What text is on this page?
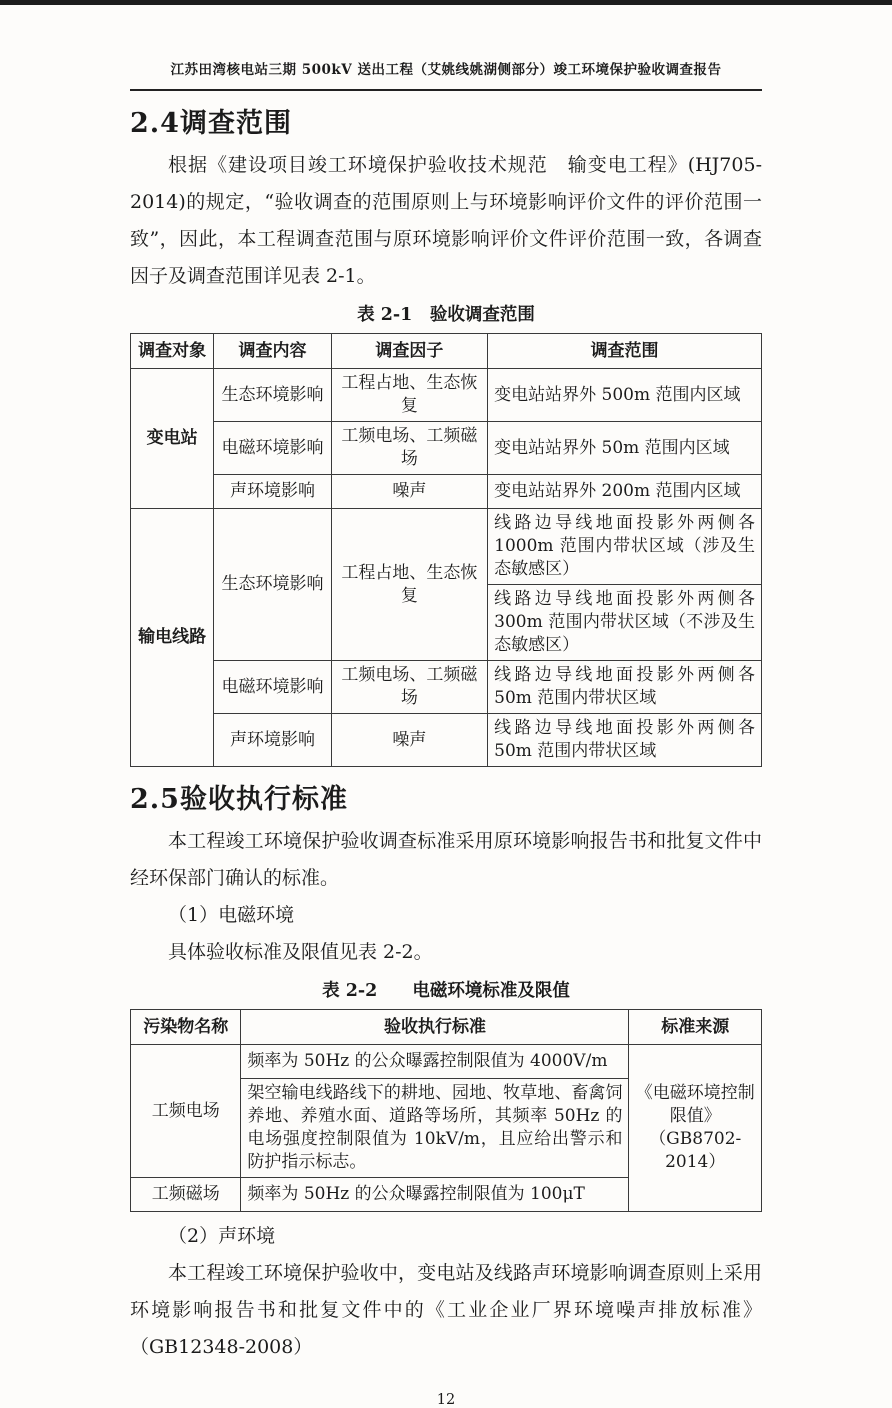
江苏田湾核电站三期 500kV 送出工程（艾姚线姚湖侧部分）竣工环境保护验收调查报告
2.4调查范围

根据《建设项目竣工环境保护验收技术规范　输变电工程》(HJ705-2014)的规定，“验收调查的范围原则上与环境影响评价文件的评价范围一致”，因此，本工程调查范围与原环境影响评价文件评价范围一致，各调查因子及调查范围详见表 2-1。

表 2-1　验收调查范围
调查对象	调查内容	调查因子	调查范围
变电站	生态环境影响	工程占地、生态恢复	变电站站界外 500m 范围内区域
	电磁环境影响	工频电场、工频磁场	变电站站界外 50m 范围内区域
	声环境影响	噪声	变电站站界外 200m 范围内区域
输电线路	生态环境影响	工程占地、生态恢复	线路边导线地面投影外两侧各 1000m 范围内带状区域（涉及生态敏感区）
			线路边导线地面投影外两侧各 300m 范围内带状区域（不涉及生态敏感区）
	电磁环境影响	工频电场、工频磁场	线路边导线地面投影外两侧各 50m 范围内带状区域
	声环境影响	噪声	线路边导线地面投影外两侧各 50m 范围内带状区域
2.5验收执行标准

本工程竣工环境保护验收调查标准采用原环境影响报告书和批复文件中经环保部门确认的标准。

（1）电磁环境

具体验收标准及限值见表 2-2。

表 2-2　　电磁环境标准及限值
污染物名称	验收执行标准	标准来源
工频电场	频率为 50Hz 的公众曝露控制限值为 4000V/m	《电磁环境控制限值》（GB8702-2014）
	架空输电线路线下的耕地、园地、牧草地、畜禽饲养地、养殖水面、道路等场所，其频率 50Hz 的电场强度控制限值为 10kV/m，且应给出警示和防护指示标志。	
工频磁场	频率为 50Hz 的公众曝露控制限值为 100μT	

（2）声环境

本工程竣工环境保护验收中，变电站及线路声环境影响调查原则上采用环境影响报告书和批复文件中的《工业企业厂界环境噪声排放标准》（GB12348-2008）

12
